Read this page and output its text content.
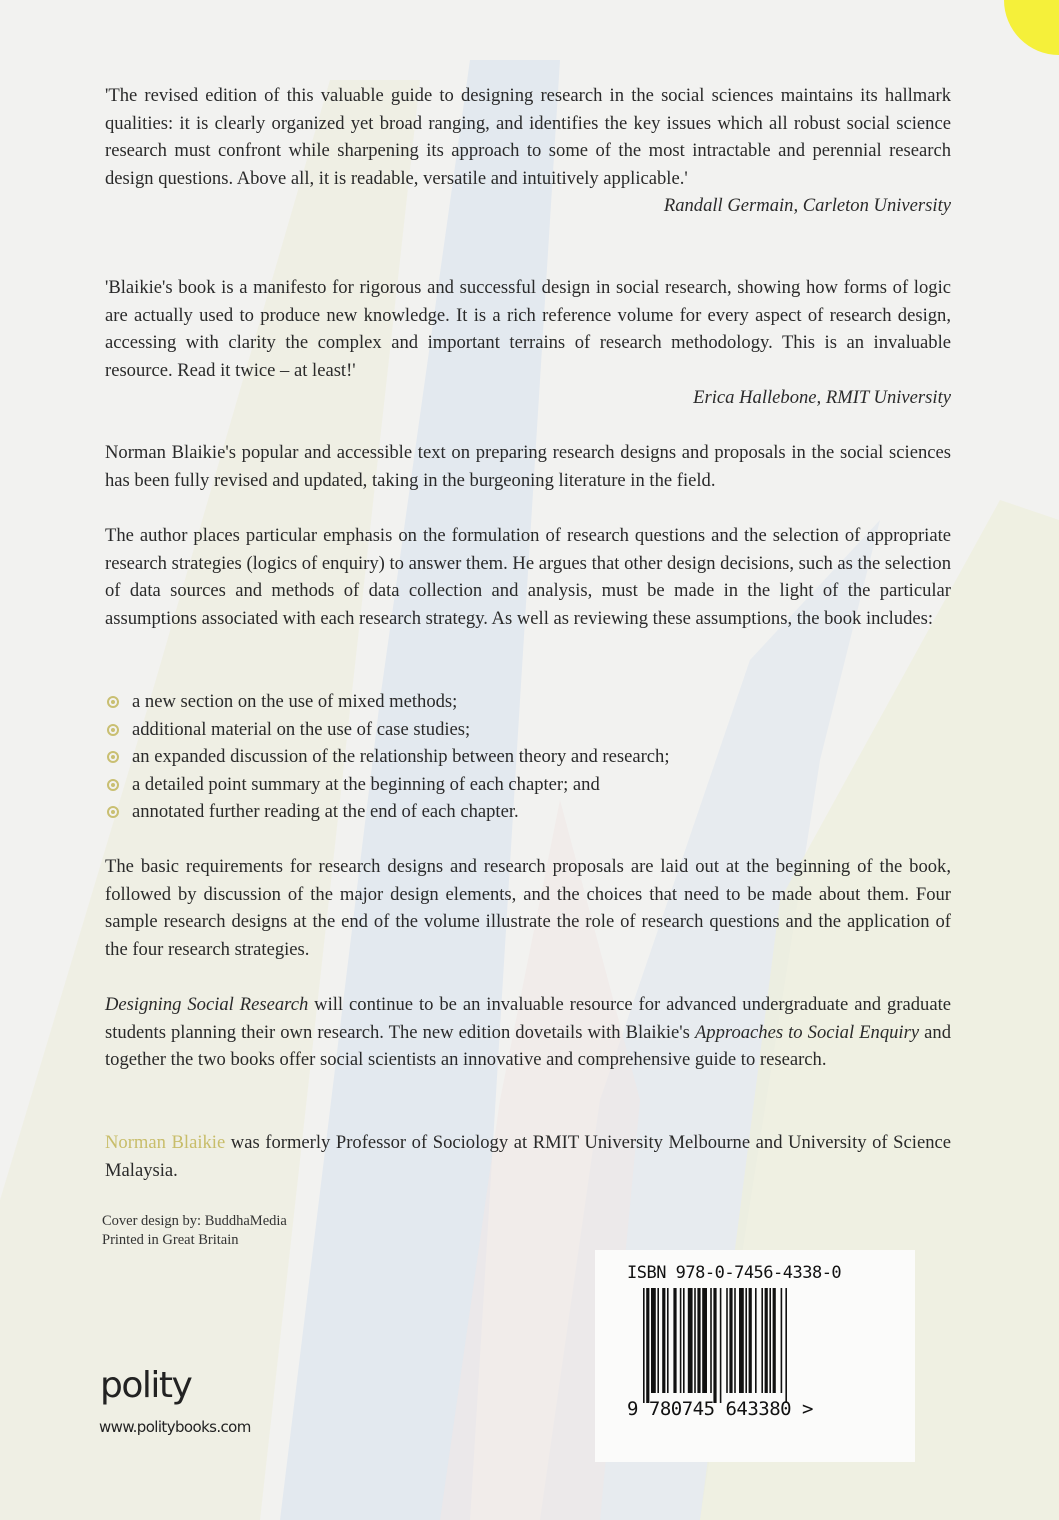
'The revised edition of this valuable guide to designing research in the social sciences maintains its hallmark qualities: it is clearly organized yet broad ranging, and identifies the key issues which all robust social science research must confront while sharpening its approach to some of the most intractable and perennial research design questions. Above all, it is readable, versatile and intuitively applicable.'

Randall Germain, Carleton University

'Blaikie's book is a manifesto for rigorous and successful design in social research, showing how forms of logic are actually used to produce new knowledge. It is a rich reference volume for every aspect of research design, accessing with clarity the complex and important terrains of research methodology. This is an invaluable resource. Read it twice – at least!'

Erica Hallebone, RMIT University

Norman Blaikie's popular and accessible text on preparing research designs and proposals in the social sciences has been fully revised and updated, taking in the burgeoning literature in the field.

The author places particular emphasis on the formulation of research questions and the selection of appropriate research strategies (logics of enquiry) to answer them. He argues that other design decisions, such as the selection of data sources and methods of data collection and analysis, must be made in the light of the particular assumptions associated with each research strategy. As well as reviewing these assumptions, the book includes:

a new section on the use of mixed methods;
additional material on the use of case studies;
an expanded discussion of the relationship between theory and research;
a detailed point summary at the beginning of each chapter; and
annotated further reading at the end of each chapter.

The basic requirements for research designs and research proposals are laid out at the beginning of the book, followed by discussion of the major design elements, and the choices that need to be made about them. Four sample research designs at the end of the volume illustrate the role of research questions and the application of the four research strategies.

Designing Social Research will continue to be an invaluable resource for advanced undergraduate and graduate students planning their own research. The new edition dovetails with Blaikie's Approaches to Social Enquiry and together the two books offer social scientists an innovative and comprehensive guide to research.

Norman Blaikie was formerly Professor of Sociology at RMIT University Melbourne and University of Science Malaysia.

Cover design by: BuddhaMedia
Printed in Great Britain
polity
www.politybooks.com
ISBN 978-0-7456-4338-0
9 780745 643380 >
